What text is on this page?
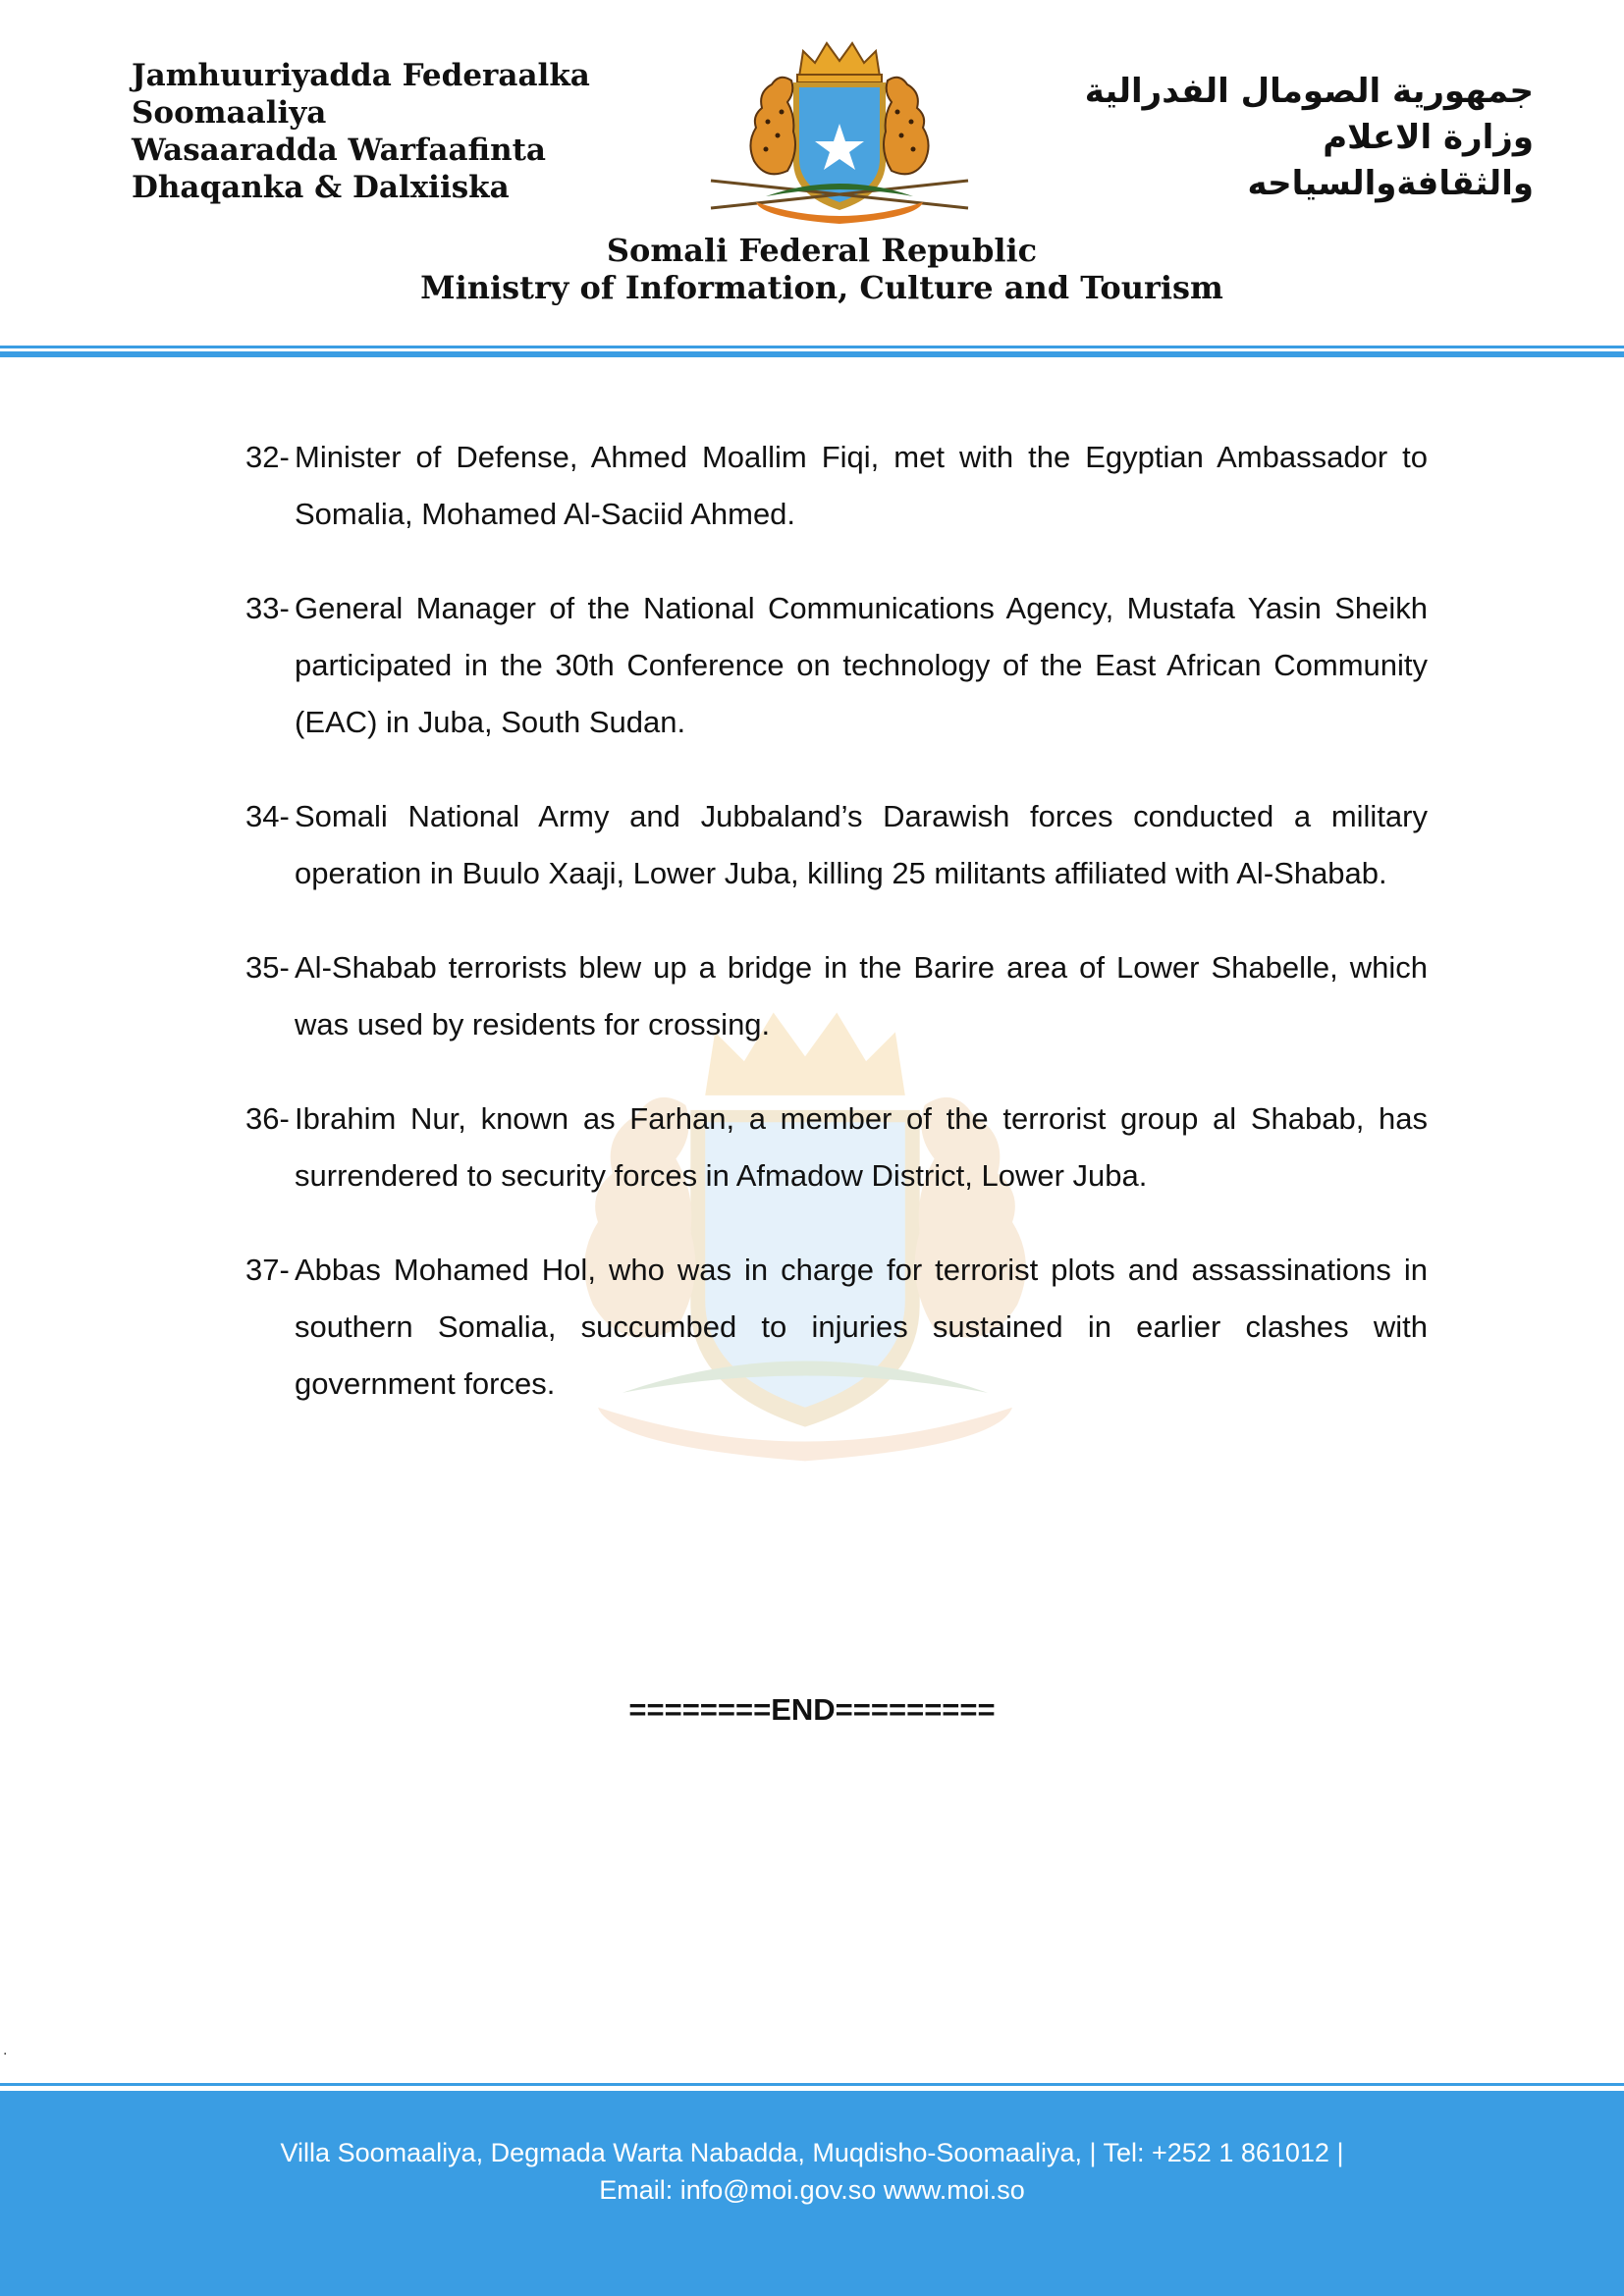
Jamhuuriyadda Federaalka
Soomaaliya
Wasaaradda Warfaafinta
Dhaqanka & Dalxiiska
جمهورية الصومال الفدرالية
وزارة الاعلام
والثقافةوالسياحه
Somali Federal Republic
Ministry of Information, Culture and Tourism
32- Minister of Defense, Ahmed Moallim Fiqi, met with the Egyptian Ambassador to Somalia, Mohamed Al-Saciid Ahmed.
33- General Manager of the National Communications Agency, Mustafa Yasin Sheikh participated in the 30th Conference on technology of the East African Community (EAC) in Juba, South Sudan.
34- Somali National Army and Jubbaland’s Darawish forces conducted a military operation in Buulo Xaaji, Lower Juba, killing 25 militants affiliated with Al-Shabab.
35- Al-Shabab terrorists blew up a bridge in the Barire area of Lower Shabelle, which was used by residents for crossing.
36- Ibrahim Nur, known as Farhan, a member of the terrorist group al Shabab, has surrendered to security forces in Afmadow District, Lower Juba.
37- Abbas Mohamed Hol, who was in charge for terrorist plots and assassinations in southern Somalia, succumbed to injuries sustained in earlier clashes with government forces.
========END=========
.
Villa Soomaaliya, Degmada Warta Nabadda, Muqdisho-Soomaaliya, | Tel: +252 1 861012 |
Email: info@moi.gov.so www.moi.so
